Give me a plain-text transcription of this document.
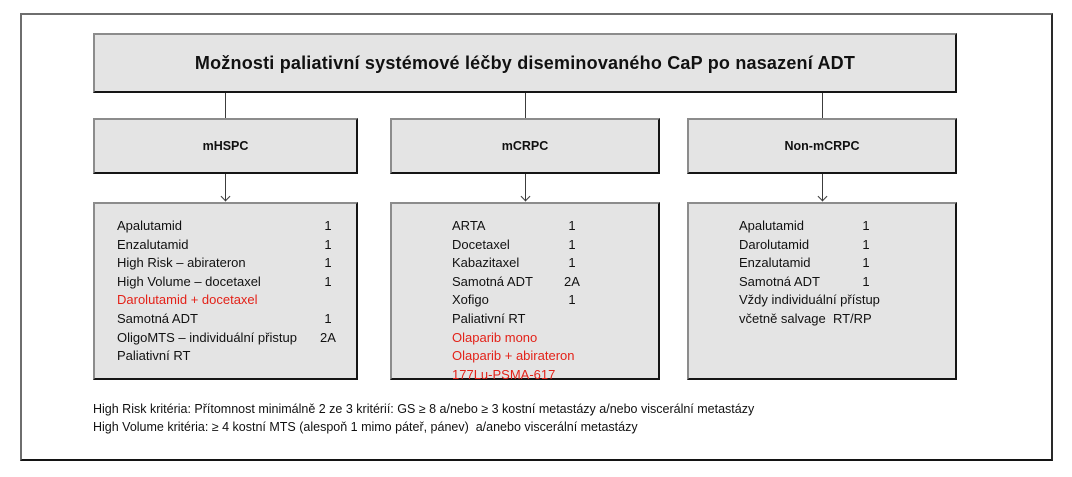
Možnosti paliativní systémové léčby diseminovaného CaP po nasazení ADT
mHSPC	mCRPC	Non-mCRPC
Apalutamid	1
Enzalutamid	1
High Risk – abirateron	1
High Volume – docetaxel	1
Darolutamid + docetaxel
Samotná ADT	1
OligoMTS – individuální přistup	2A
Paliativní RT
ARTA	1
Docetaxel	1
Kabazitaxel	1
Samotná ADT	2A
Xofigo	1
Paliativní RT
Olaparib mono
Olaparib + abirateron
177Lu-PSMA-617
Apalutamid	1
Darolutamid	1
Enzalutamid	1
Samotná ADT	1
Vždy individuální přístup
včetně salvage  RT/RP
High Risk kritéria: Přítomnost minimálně 2 ze 3 kritérií: GS ≥ 8 a/nebo ≥ 3 kostní metastázy a/nebo viscerální metastázy
High Volume kritéria: ≥ 4 kostní MTS (alespoň 1 mimo páteř, pánev)  a/anebo viscerální metastázy
